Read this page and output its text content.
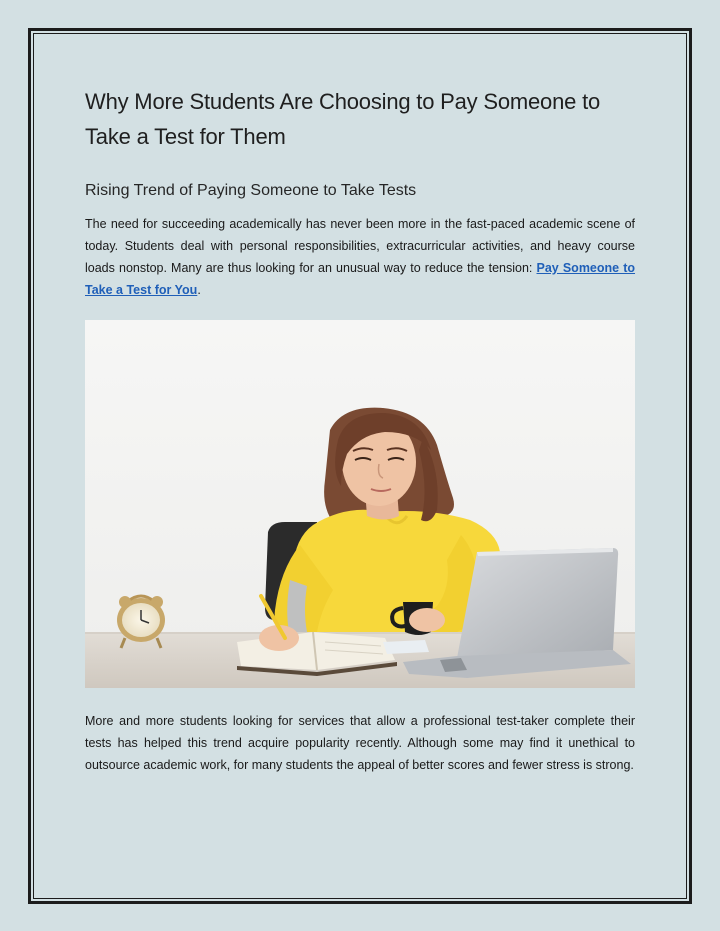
Why More Students Are Choosing to Pay Someone to Take a Test for Them
Rising Trend of Paying Someone to Take Tests

The need for succeeding academically has never been more in the fast-paced academic scene of today. Students deal with personal responsibilities, extracurricular activities, and heavy course loads nonstop. Many are thus looking for an unusual way to reduce the tension: Pay Someone to Take a Test for You.

More and more students looking for services that allow a professional test-taker complete their tests has helped this trend acquire popularity recently. Although some may find it unethical to outsource academic work, for many students the appeal of better scores and fewer stress is strong.
